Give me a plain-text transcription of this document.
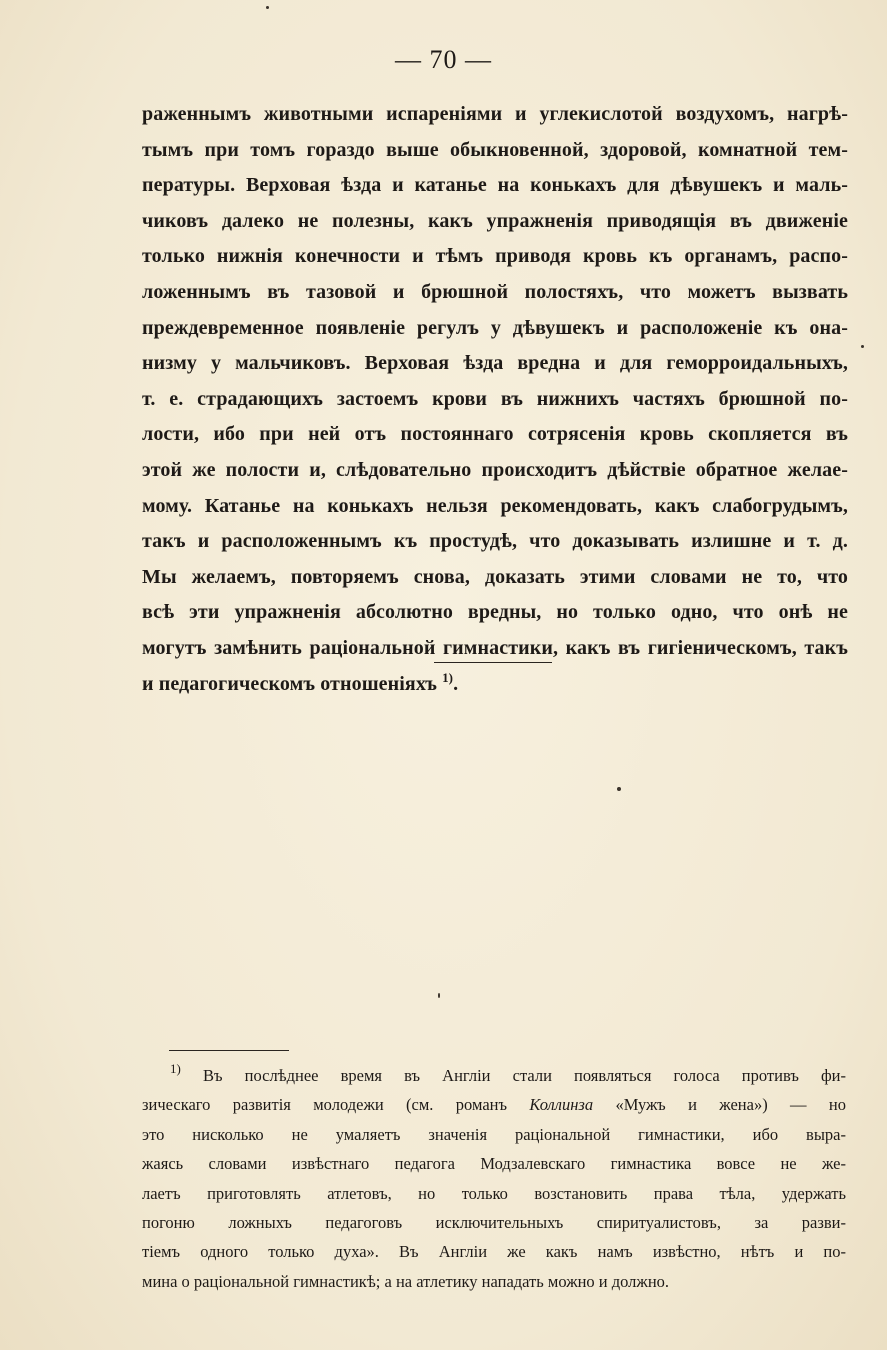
— 70 —
раженнымъ животными испареніями и углекислотой воздухомъ, нагрѣ-
тымъ при томъ гораздо выше обыкновенной, здоровой, комнатной тем-
пературы. Верховая ѣзда и катанье на конькахъ для дѣвушекъ и маль-
чиковъ далеко не полезны, какъ упражненія приводящія въ движеніе
только нижнія конечности и тѣмъ приводя кровь къ органамъ, распо-
ложеннымъ въ тазовой и брюшной полостяхъ, что можетъ вызвать
преждевременное появленіе регулъ у дѣвушекъ и расположеніе къ она-
низму у мальчиковъ. Верховая ѣзда вредна и для геморроидальныхъ,
т. е. страдающихъ застоемъ крови въ нижнихъ частяхъ брюшной по-
лости, ибо при ней отъ постояннаго сотрясенія кровь скопляется въ
этой же полости и, слѣдовательно происходитъ дѣйствіе обратное желае-
мому. Катанье на конькахъ нельзя рекомендовать, какъ слабогрудымъ,
такъ и расположеннымъ къ простудѣ, что доказывать излишне и т. д.
Мы желаемъ, повторяемъ снова, доказать этими словами не то, что
всѣ эти упражненія абсолютно вредны, но только одно, что онѣ не
могутъ замѣнить раціональной гимнастики, какъ въ гигіеническомъ, такъ
и педагогическомъ отношеніяхъ $^{1)}$.
$^{1)}$ Въ послѣднее время въ Англіи стали появляться голоса противъ фи-
зическаго развитія молодежи (см. романъ Коллинза «Мужъ и жена») — но
это нисколько не умаляетъ значенія раціональной гимнастики, ибо выра-
жаясь словами извѣстнаго педагога Модзалевскаго гимнастика вовсе не же-
лаетъ приготовлять атлетовъ, но только возстановить права тѣла, удержать
погоню ложныхъ педагоговъ исключительныхъ спиритуалистовъ, за разви-
тіемъ одного только духа». Въ Англіи же какъ намъ извѣстно, нѣтъ и по-
мина о раціональной гимнастикѣ; а на атлетику нападать можно и должно.
